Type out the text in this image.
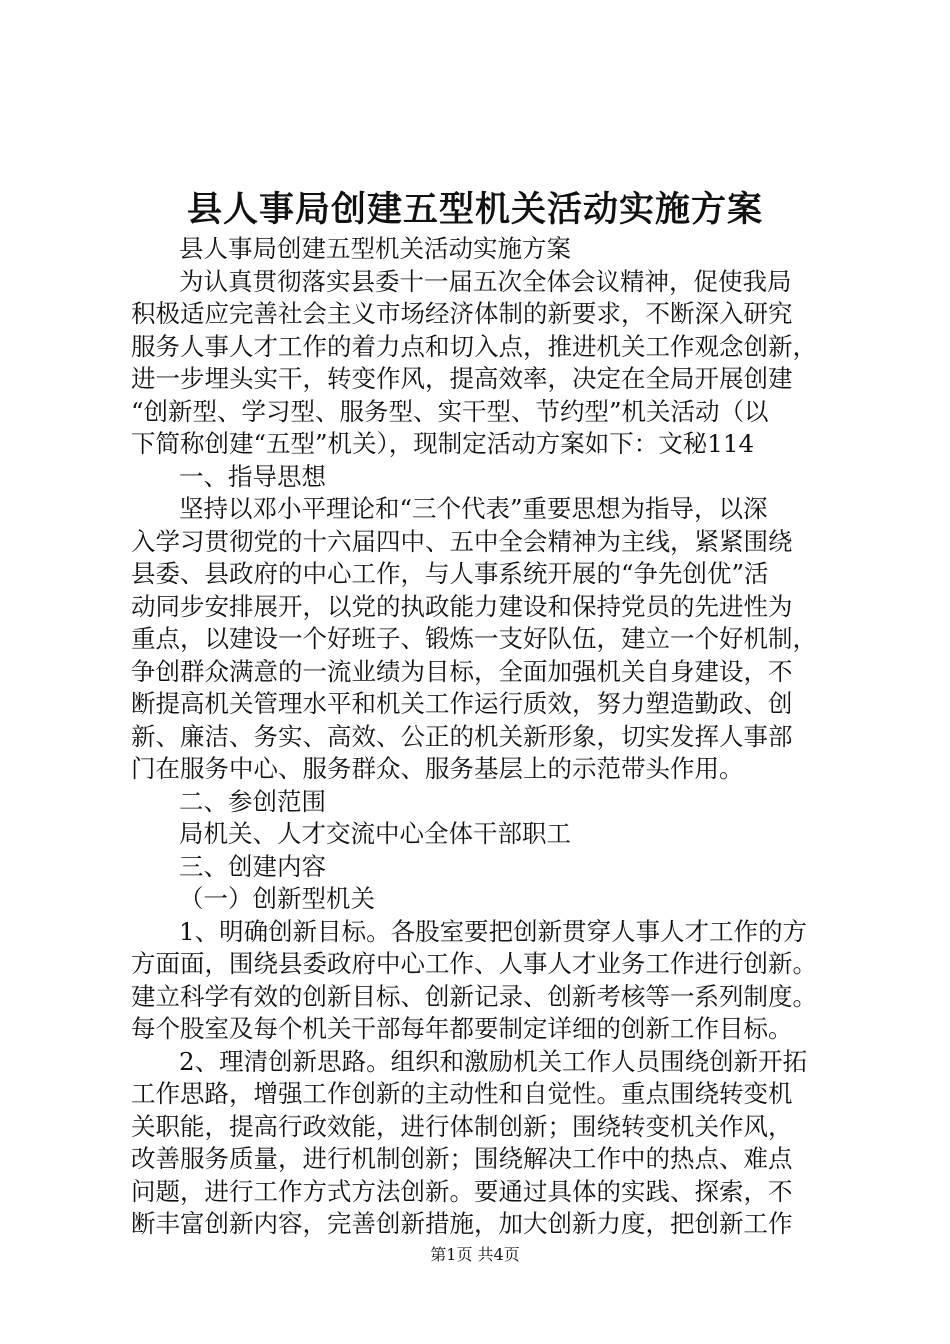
县人事局创建五型机关活动实施方案
县人事局创建五型机关活动实施方案
为认真贯彻落实县委十一届五次全体会议精神，促使我局
积极适应完善社会主义市场经济体制的新要求，不断深入研究
服务人事人才工作的着力点和切入点，推进机关工作观念创新，
进一步埋头实干，转变作风，提高效率，决定在全局开展创建
“创新型、学习型、服务型、实干型、节约型”机关活动（以
下简称创建“五型”机关），现制定活动方案如下：文秘114
一、指导思想
坚持以邓小平理论和“三个代表”重要思想为指导，以深
入学习贯彻党的十六届四中、五中全会精神为主线，紧紧围绕
县委、县政府的中心工作，与人事系统开展的“争先创优”活
动同步安排展开，以党的执政能力建设和保持党员的先进性为
重点，以建设一个好班子、锻炼一支好队伍，建立一个好机制，
争创群众满意的一流业绩为目标，全面加强机关自身建设，不
断提高机关管理水平和机关工作运行质效，努力塑造勤政、创
新、廉洁、务实、高效、公正的机关新形象，切实发挥人事部
门在服务中心、服务群众、服务基层上的示范带头作用。
二、参创范围
局机关、人才交流中心全体干部职工
三、创建内容
（一）创新型机关
1、明确创新目标。各股室要把创新贯穿人事人才工作的方
方面面，围绕县委政府中心工作、人事人才业务工作进行创新。
建立科学有效的创新目标、创新记录、创新考核等一系列制度。
每个股室及每个机关干部每年都要制定详细的创新工作目标。
2、理清创新思路。组织和激励机关工作人员围绕创新开拓
工作思路，增强工作创新的主动性和自觉性。重点围绕转变机
关职能，提高行政效能，进行体制创新；围绕转变机关作风，
改善服务质量，进行机制创新；围绕解决工作中的热点、难点
问题，进行工作方式方法创新。要通过具体的实践、探索，不
断丰富创新内容，完善创新措施，加大创新力度，把创新工作
第1页 共4页
